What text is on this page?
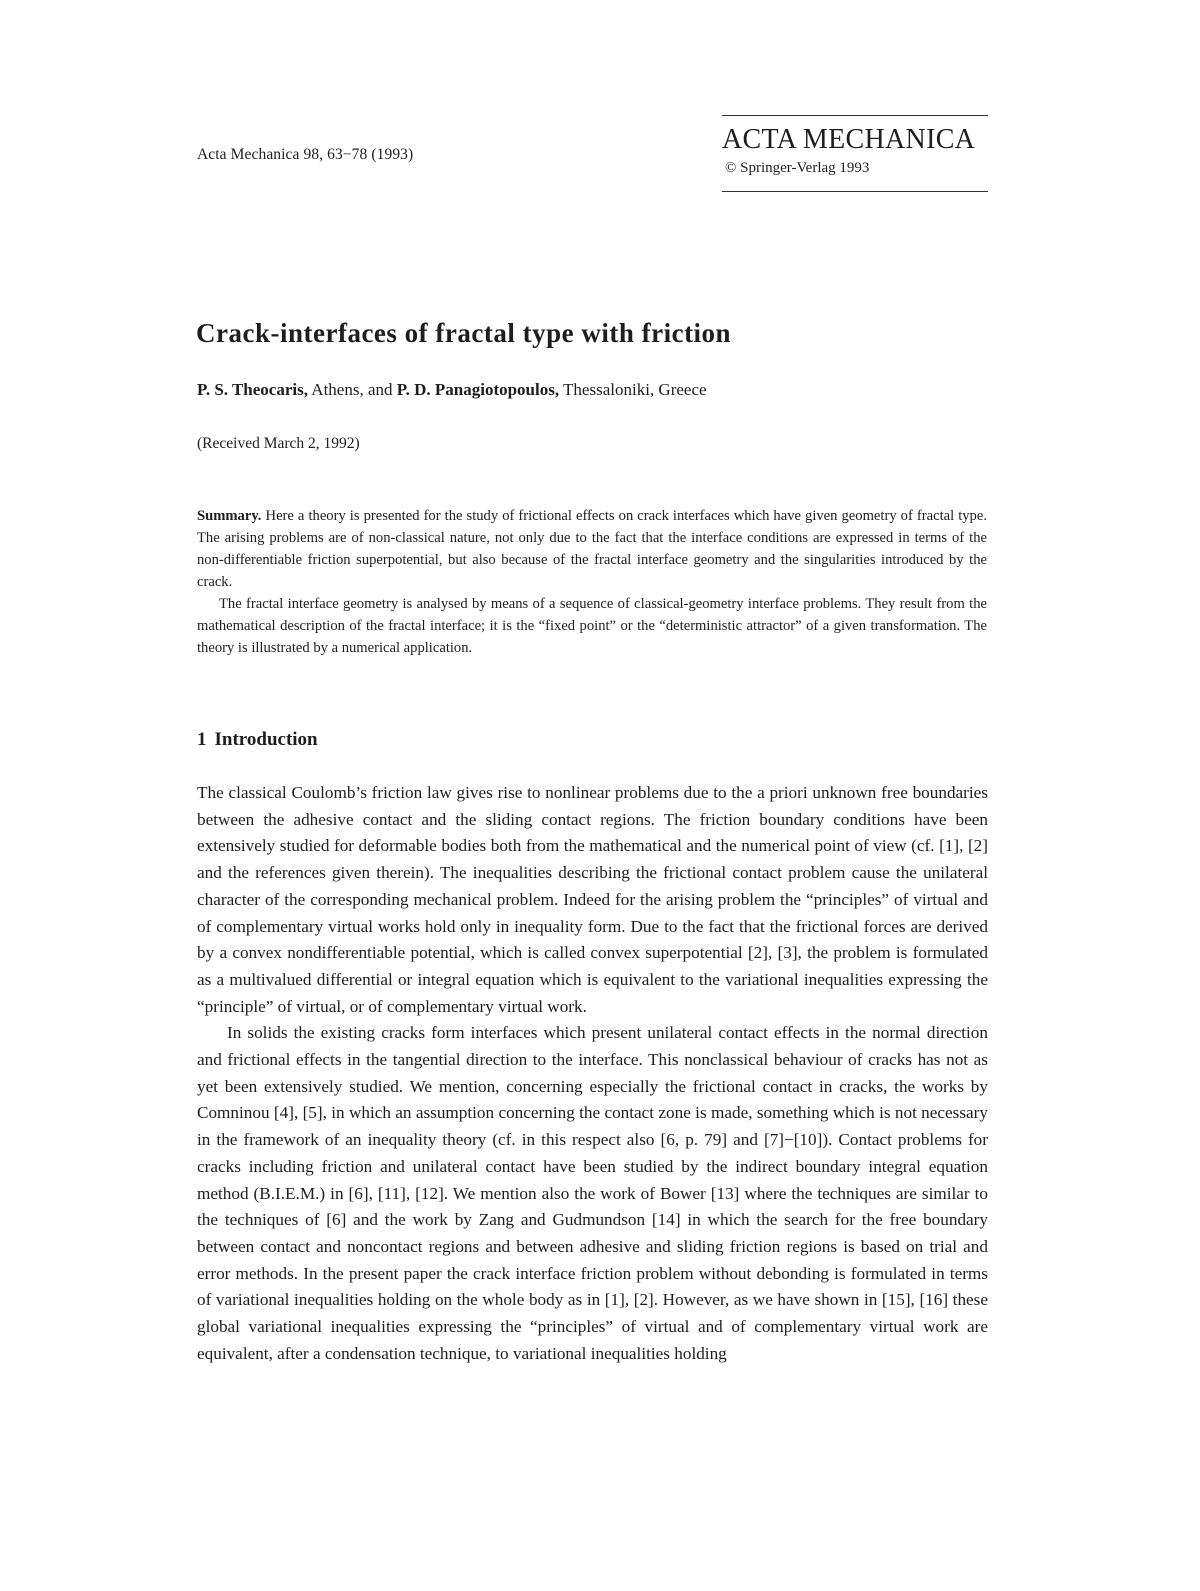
Acta Mechanica 98, 63−78 (1993)	ACTA MECHANICA
© Springer-Verlag 1993
Crack-interfaces of fractal type with friction
P. S. Theocaris, Athens, and P. D. Panagiotopoulos, Thessaloniki, Greece
(Received March 2, 1992)

Summary. Here a theory is presented for the study of frictional effects on crack interfaces which have given geometry of fractal type. The arising problems are of non-classical nature, not only due to the fact that the interface conditions are expressed in terms of the non-differentiable friction superpotential, but also because of the fractal interface geometry and the singularities introduced by the crack.

The fractal interface geometry is analysed by means of a sequence of classical-geometry interface problems. They result from the mathematical description of the fractal interface; it is the “fixed point” or the “deterministic attractor” of a given transformation. The theory is illustrated by a numerical application.

1 Introduction

The classical Coulomb’s friction law gives rise to nonlinear problems due to the a priori unknown free boundaries between the adhesive contact and the sliding contact regions. The friction boundary conditions have been extensively studied for deformable bodies both from the mathematical and the numerical point of view (cf. [1], [2] and the references given therein). The inequalities describing the frictional contact problem cause the unilateral character of the corresponding mechanical problem. Indeed for the arising problem the “principles” of virtual and of complementary virtual works hold only in inequality form. Due to the fact that the frictional forces are derived by a convex nondifferentiable potential, which is called convex superpotential [2], [3], the problem is formulated as a multivalued differential or integral equation which is equivalent to the variational inequalities expressing the “principle” of virtual, or of complementary virtual work.

In solids the existing cracks form interfaces which present unilateral contact effects in the normal direction and frictional effects in the tangential direction to the interface. This nonclassical behaviour of cracks has not as yet been extensively studied. We mention, concerning especially the frictional contact in cracks, the works by Comninou [4], [5], in which an assumption concerning the contact zone is made, something which is not necessary in the framework of an inequality theory (cf. in this respect also [6, p. 79] and [7]−[10]). Contact problems for cracks including friction and unilateral contact have been studied by the indirect boundary integral equation method (B.I.E.M.) in [6], [11], [12]. We mention also the work of Bower [13] where the techniques are similar to the techniques of [6] and the work by Zang and Gudmundson [14] in which the search for the free boundary between contact and noncontact regions and between adhesive and sliding friction regions is based on trial and error methods. In the present paper the crack interface friction problem without debonding is formulated in terms of variational inequalities holding on the whole body as in [1], [2]. However, as we have shown in [15], [16] these global variational inequalities expressing the “principles” of virtual and of complementary virtual work are equivalent, after a condensation technique, to variational inequalities holding
